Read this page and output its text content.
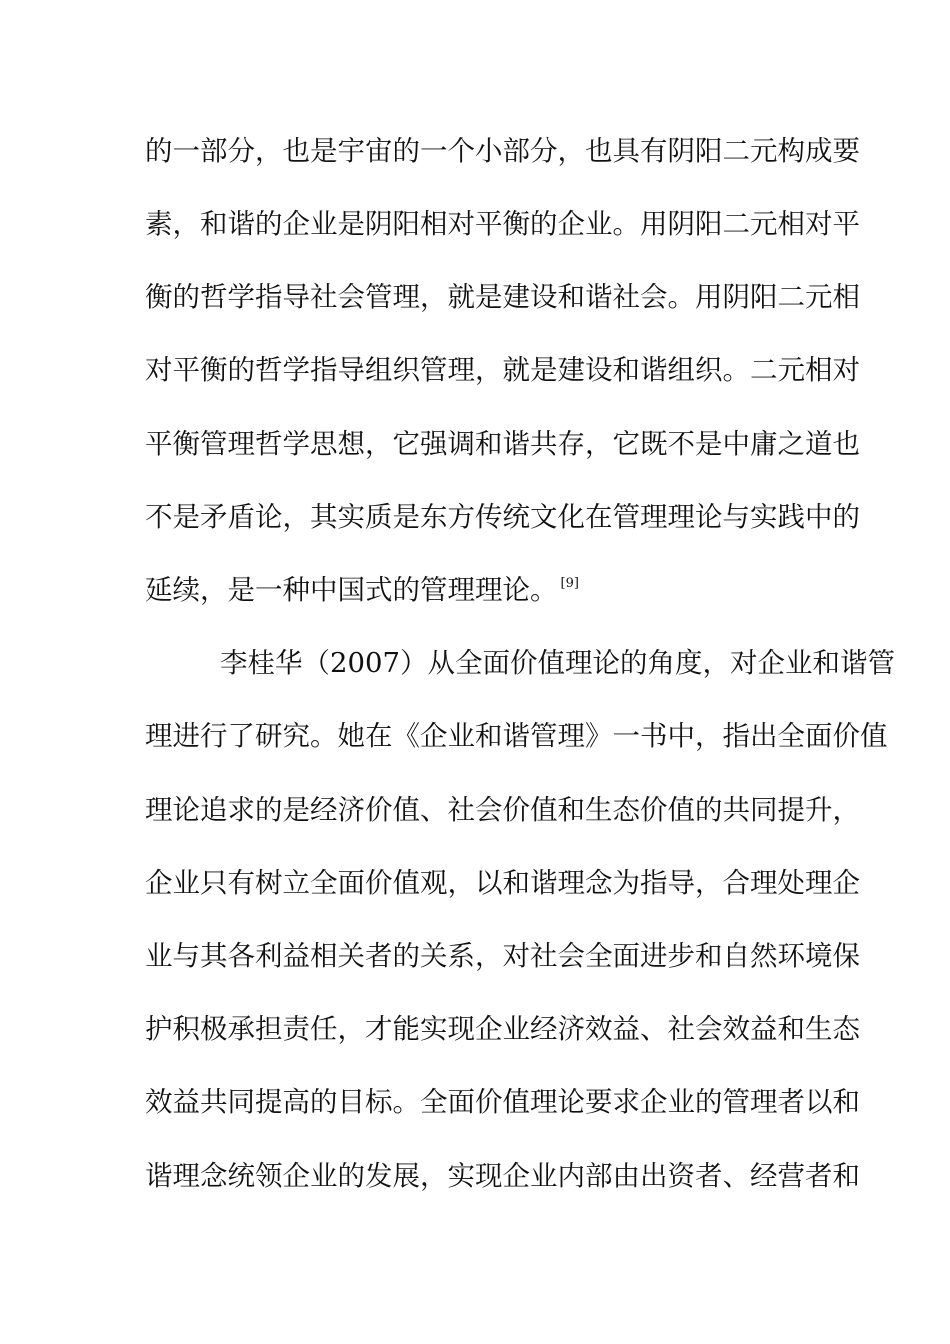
的一部分，也是宇宙的一个小部分，也具有阴阳二元构成要
素，和谐的企业是阴阳相对平衡的企业。用阴阳二元相对平
衡的哲学指导社会管理，就是建设和谐社会。用阴阳二元相
对平衡的哲学指导组织管理，就是建设和谐组织。二元相对
平衡管理哲学思想，它强调和谐共存，它既不是中庸之道也
不是矛盾论，其实质是东方传统文化在管理理论与实践中的
延续，是一种中国式的管理理论。 [9]
李桂华（2007）从全面价值理论的角度，对企业和谐管
理进行了研究。她在《企业和谐管理》一书中，指出全面价值
理论追求的是经济价值、社会价值和生态价值的共同提升，
企业只有树立全面价值观，以和谐理念为指导，合理处理企
业与其各利益相关者的关系，对社会全面进步和自然环境保
护积极承担责任，才能实现企业经济效益、社会效益和生态
效益共同提高的目标。全面价值理论要求企业的管理者以和
谐理念统领企业的发展，实现企业内部由出资者、经营者和
